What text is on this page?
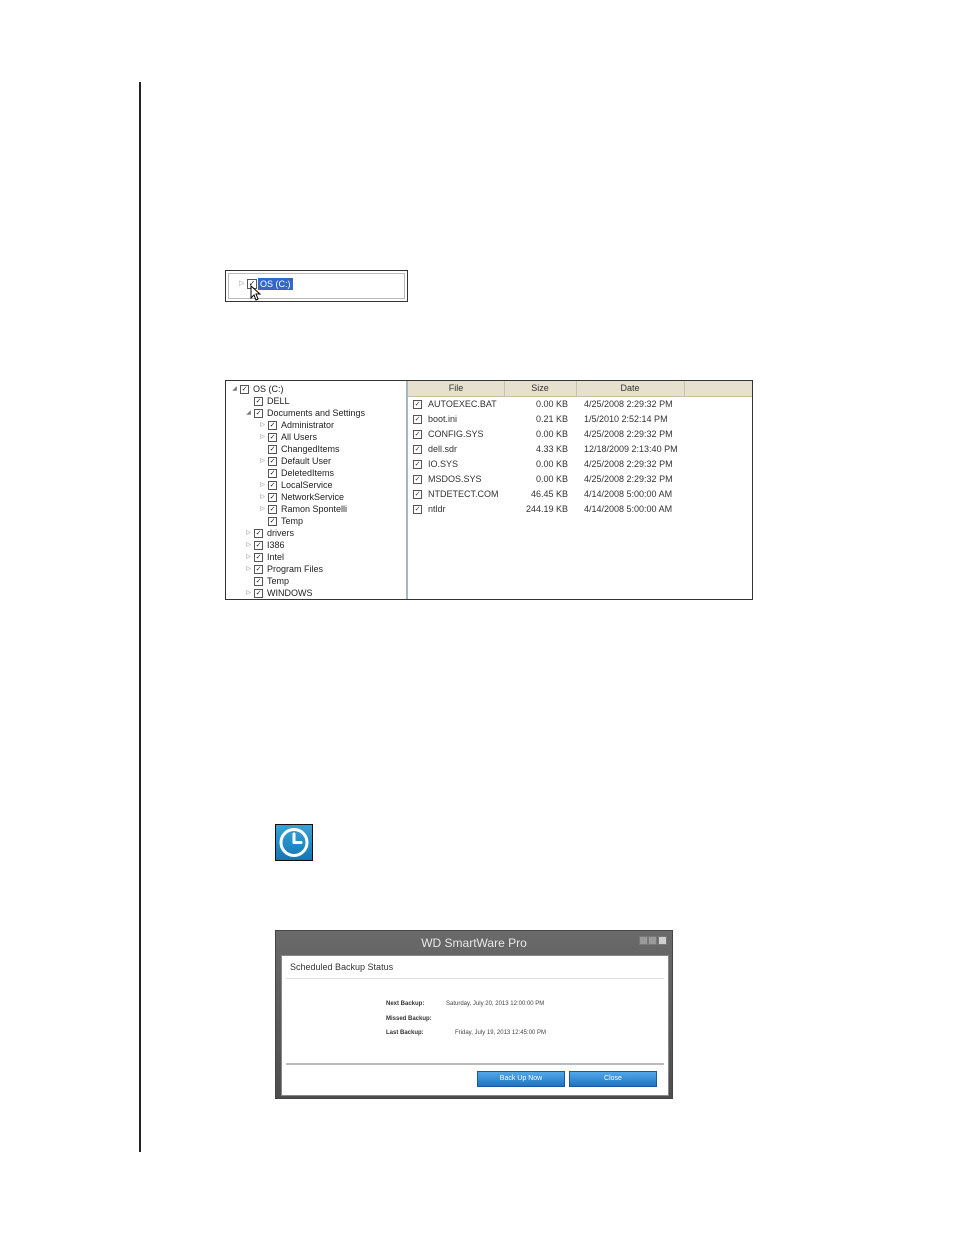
▷ ✓ OS (C:)
◢ ✓ OS (C:)
✓ DELL
◢ ✓ Documents and Settings
▷ ✓ Administrator
▷ ✓ All Users
✓ ChangedItems
▷ ✓ Default User
✓ DeletedItems
▷ ✓ LocalService
▷ ✓ NetworkService
▷ ✓ Ramon Spontelli
✓ Temp
▷ ✓ drivers
▷ ✓ I386
▷ ✓ Intel
▷ ✓ Program Files
✓ Temp
▷ ✓ WINDOWS
File	Size	Date
✓ AUTOEXEC.BAT	0.00 KB 4/25/2008 2:29:32 PM
✓ boot.ini	0.21 KB 1/5/2010 2:52:14 PM
✓ CONFIG.SYS	0.00 KB 4/25/2008 2:29:32 PM
✓ dell.sdr	4.33 KB 12/18/2009 2:13:40 PM
✓ IO.SYS	0.00 KB 4/25/2008 2:29:32 PM
✓ MSDOS.SYS	0.00 KB 4/25/2008 2:29:32 PM
✓ NTDETECT.COM	46.45 KB 4/14/2008 5:00:00 AM
✓ ntldr	244.19 KB 4/14/2008 5:00:00 AM
WD SmartWare Pro
Scheduled Backup Status
Next Backup:	Saturday, July 20, 2013 12:00:00 PM
Missed Backup:
Last Backup:	Friday, July 19, 2013 12:45:00 PM
Back Up Now	Close
